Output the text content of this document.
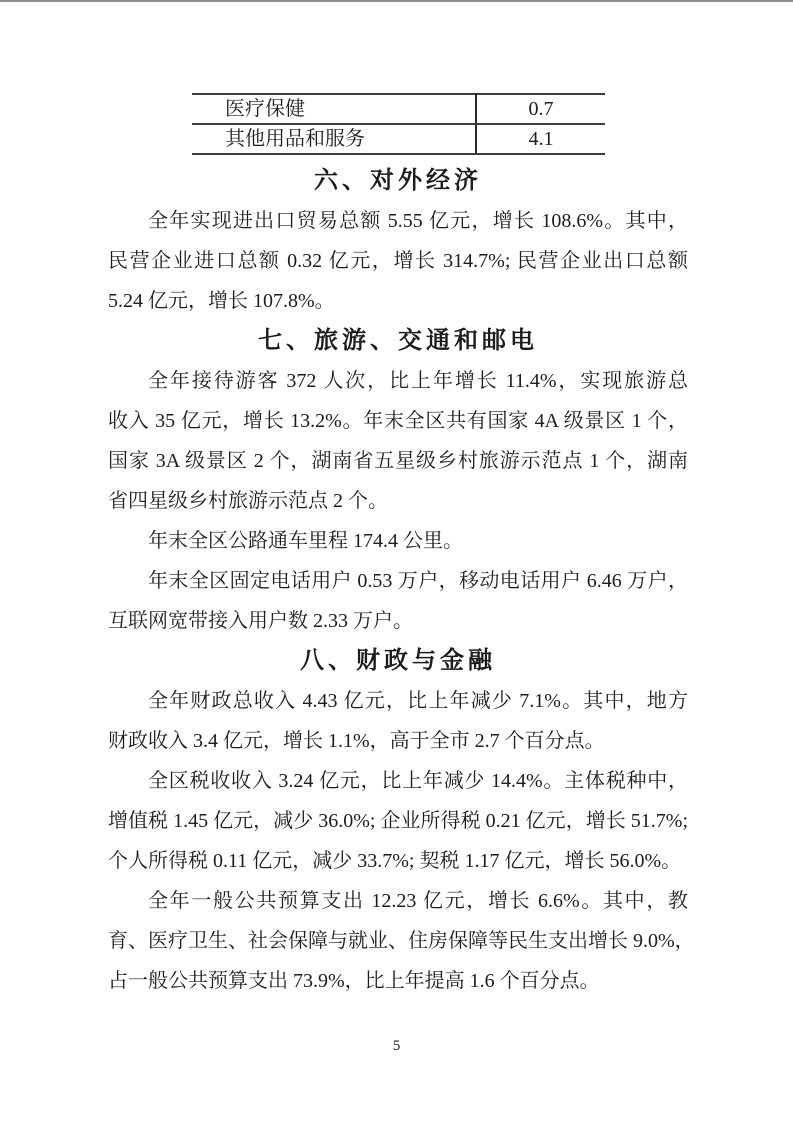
医疗保健	0.7
其他用品和服务	4.1
六、对外经济
全年实现进出口贸易总额 5.55 亿元，增长 108.6%。其中，
民营企业进口总额 0.32 亿元，增长 314.7%; 民营企业出口总额
5.24 亿元，增长 107.8%。
七、旅游、交通和邮电
全年接待游客 372 人次，比上年增长 11.4%，实现旅游总
收入 35 亿元，增长 13.2%。年末全区共有国家 4A 级景区 1 个，
国家 3A 级景区 2 个，湖南省五星级乡村旅游示范点 1 个，湖南
省四星级乡村旅游示范点 2 个。
年末全区公路通车里程 174.4 公里。
年末全区固定电话用户 0.53 万户，移动电话用户 6.46 万户，
互联网宽带接入用户数 2.33 万户。
八、财政与金融
全年财政总收入 4.43 亿元，比上年减少 7.1%。其中，地方
财政收入 3.4 亿元，增长 1.1%，高于全市 2.7 个百分点。
全区税收收入 3.24 亿元，比上年减少 14.4%。主体税种中，
增值税 1.45 亿元，减少 36.0%; 企业所得税 0.21 亿元，增长 51.7%;
个人所得税 0.11 亿元，减少 33.7%; 契税 1.17 亿元，增长 56.0%。
全年一般公共预算支出 12.23 亿元，增长 6.6%。其中，教
育、医疗卫生、社会保障与就业、住房保障等民生支出增长 9.0%，
占一般公共预算支出 73.9%，比上年提高 1.6 个百分点。
5
